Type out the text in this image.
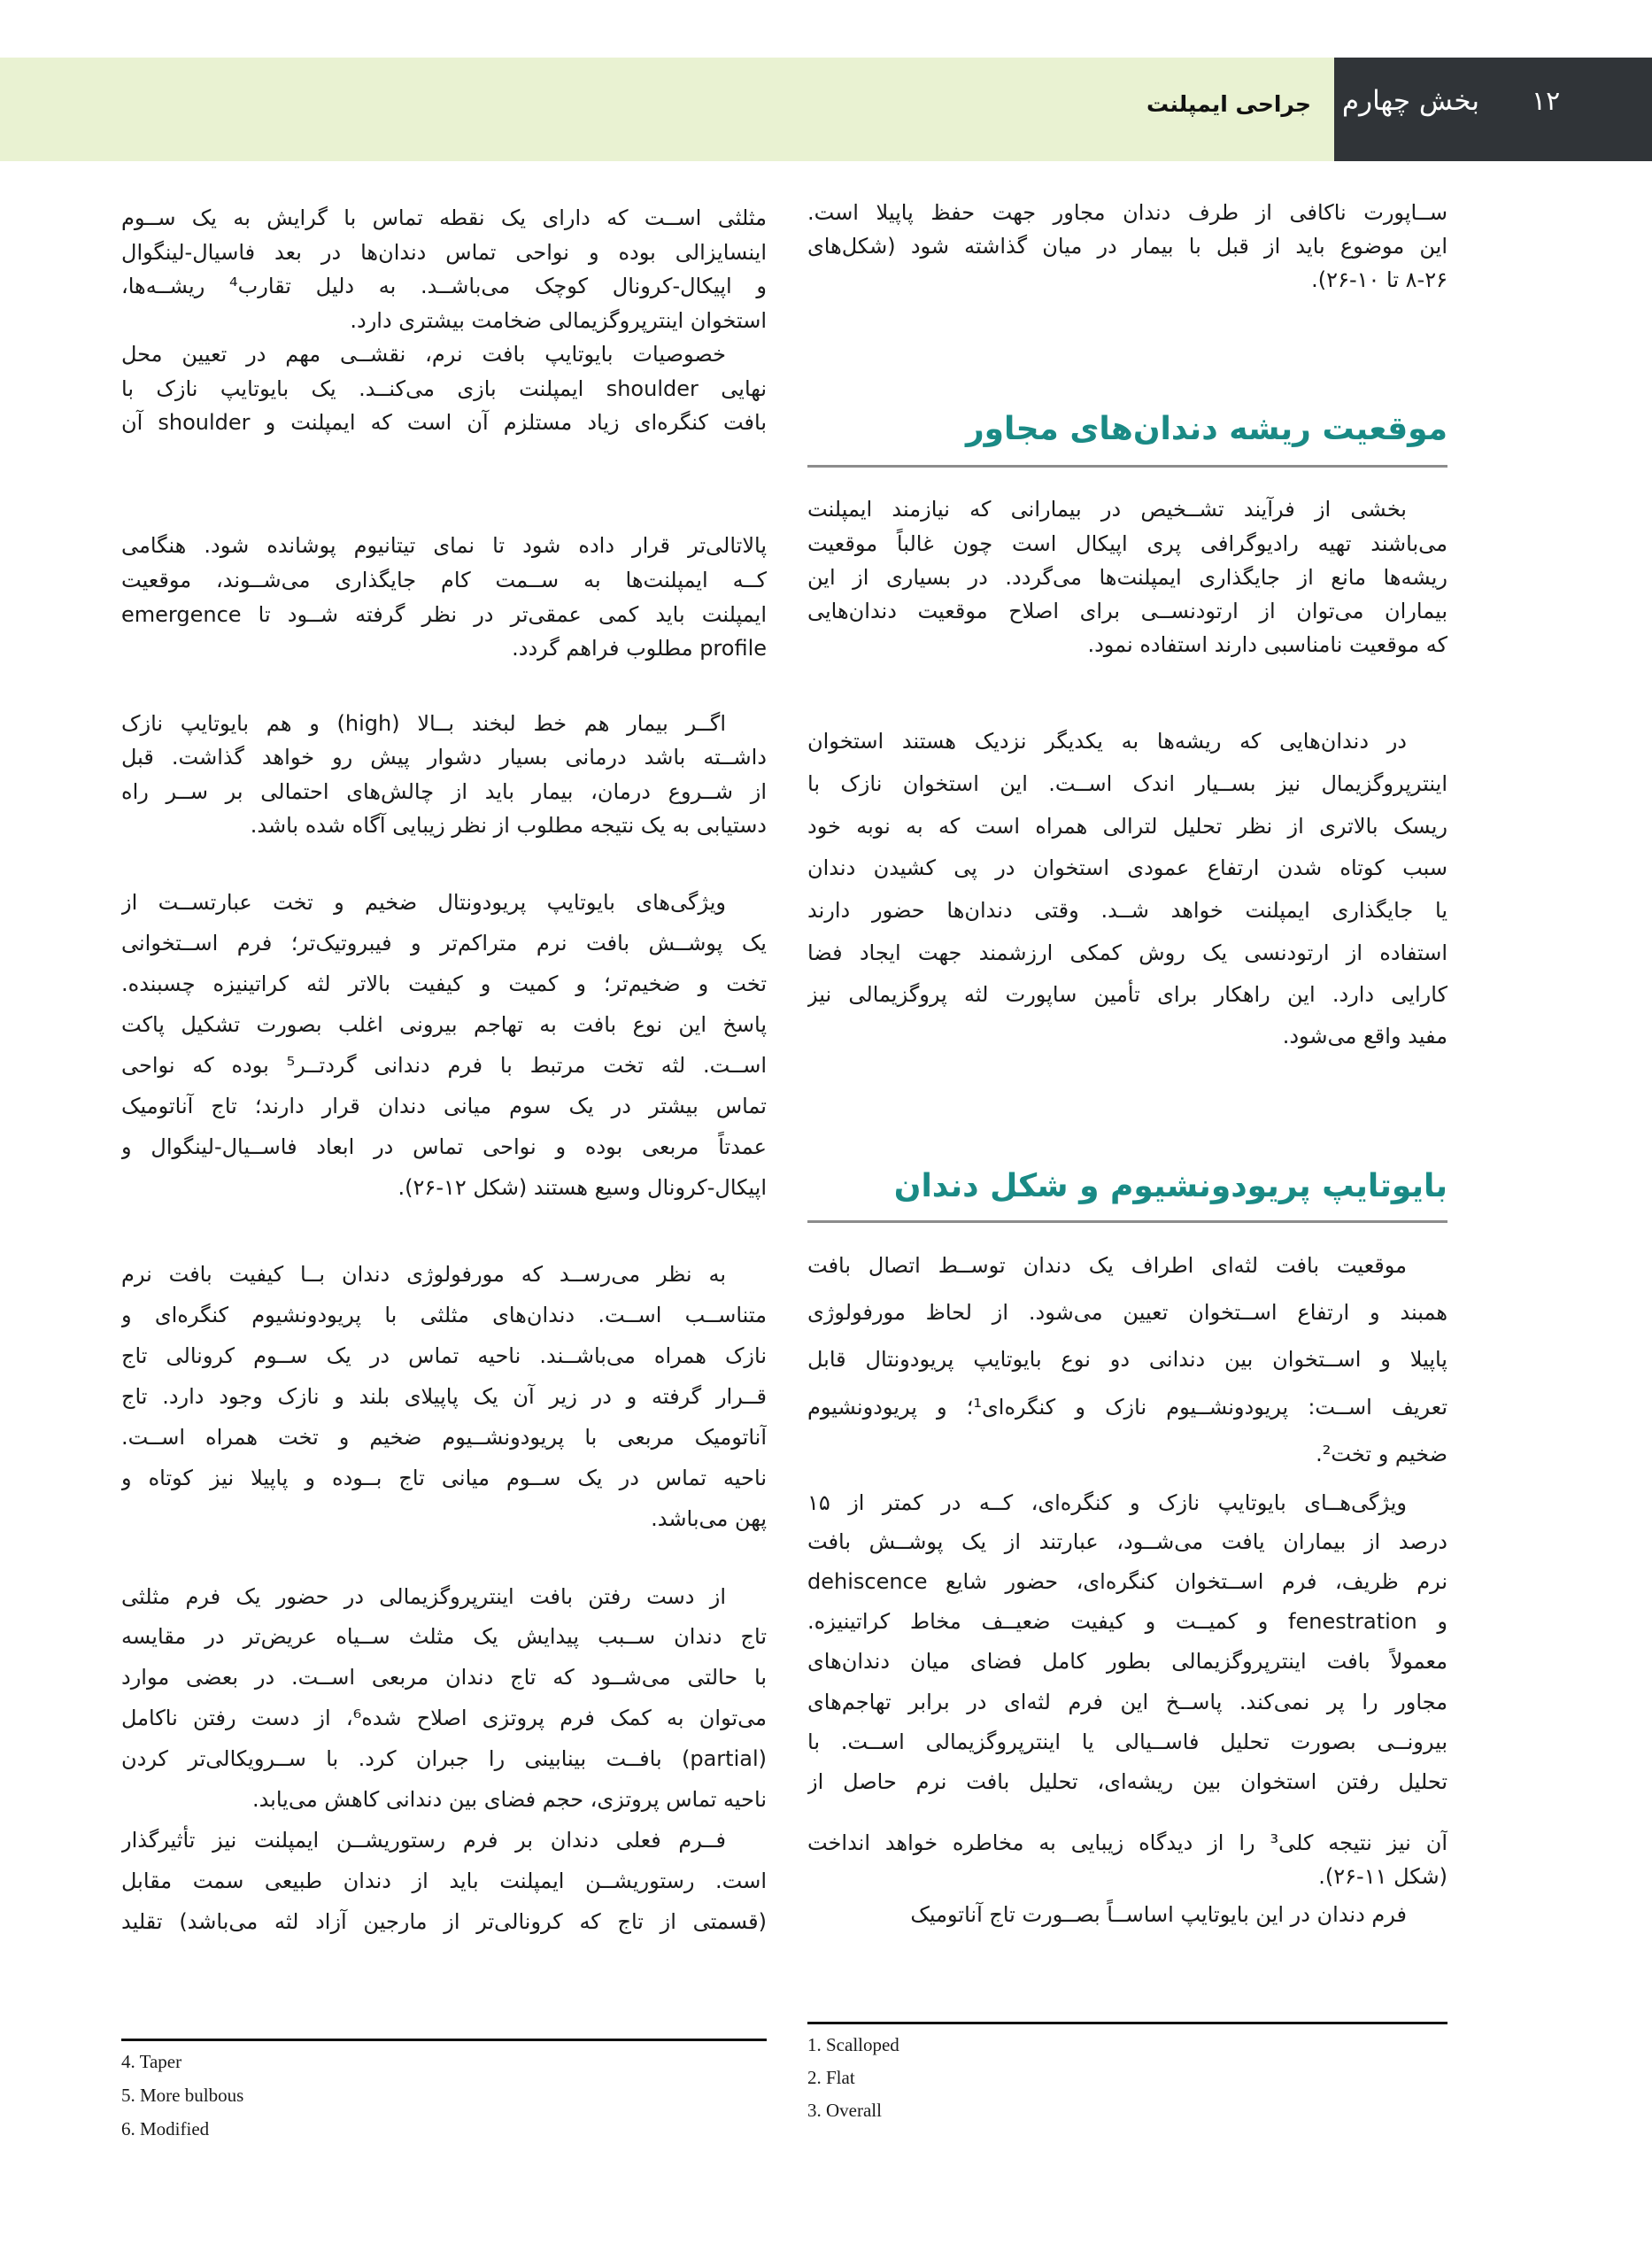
۱۲
بخش چهارم
جراحی ایمپلنت
ســاپورت ناکافی از طرف دندان مجاور جهت حفظ پاپیلا است.
این موضوع باید از قبل با بیمار در میان گذاشته شود (شکل‌های
۸-۲۶ تا ۱۰-۲۶).
موقعیت ریشه دندان‌های مجاور
بخشی از فرآیند تشــخیص در بیمارانی که نیازمند ایمپلنت
می‌باشند تهیه رادیوگرافی پری اپیکال است چون غالباً موقعیت
ریشه‌ها مانع از جایگذاری ایمپلنت‌ها می‌گردد. در بسیاری از این
بیماران می‌توان از ارتودنســی برای اصلاح موقعیت دندان‌هایی
که موقعیت نامناسبی دارند استفاده نمود.
در دندان‌هایی که ریشه‌ها به یکدیگر نزدیک هستند استخوان
اینترپروگزیمال نیز بســیار اندک اســت. این استخوان نازک با
ریسک بالاتری از نظر تحلیل لترالی همراه است که به نوبه خود
سبب کوتاه شدن ارتفاع عمودی استخوان در پی کشیدن دندان
یا جایگذاری ایمپلنت خواهد شــد. وقتی دندان‌ها حضور دارند
استفاده از ارتودنسی یک روش کمکی ارزشمند جهت ایجاد فضا
کارایی دارد. این راهکار برای تأمین ساپورت لثه پروگزیمالی نیز
مفید واقع می‌شود.
بایوتایپ پریودونشیوم و شکل دندان
موقعیت بافت لثه‌ای اطراف یک دندان توســط اتصال بافت
همبند و ارتفاع اســتخوان تعیین می‌شود. از لحاظ مورفولوژی
پاپیلا و اســتخوان بین دندانی دو نوع بایوتایپ پریودونتال قابل
تعریف اســت: پریودونشــیوم نازک و کنگره‌ای¹؛ و پریودونشیوم
ضخیم و تخت².
ویژگی‌هــای بایوتایپ نازک و کنگره‌ای، کــه در کمتر از ۱۵
درصد از بیماران یافت می‌شــود، عبارتند از یک پوشــش بافت
نرم ظریف، فرم اســتخوان کنگره‌ای، حضور شایع dehiscence
و fenestration و کمیــت و کیفیت ضعیــف مخاط کراتینیزه.
معمولاً بافت اینترپروگزیمالی بطور کامل فضای میان دندان‌های
مجاور را پر نمی‌کند. پاســخ این فرم لثه‌ای در برابر تهاجم‌های
بیرونــی بصورت تحلیل فاســیالی یا اینترپروگزیمالی اســت. با
تحلیل رفتن استخوان بین ریشه‌ای، تحلیل بافت نرم حاصل از
آن نیز نتیجه کلی³ را از دیدگاه زیبایی به مخاطره خواهد انداخت
(شکل ۱۱-۲۶).
فرم دندان در این بایوتایپ اساســاً بصــورت تاج آناتومیک
1. Scalloped
2. Flat
3. Overall
مثلثی اســت که دارای یک نقطه تماس با گرایش به یک ســوم
اینسایزالی بوده و نواحی تماس دندان‌ها در بعد فاسیال-لینگوال
و اپیکال-کرونال کوچک می‌باشــد. به دلیل تقارب⁴ ریشــه‌ها،
استخوان اینترپروگزیمالی ضخامت بیشتری دارد.
خصوصیات بایوتایپ بافت نرم، نقشــی مهم در تعیین محل
نهایی shoulder ایمپلنت بازی می‌کنــد. یک بایوتایپ نازک با
بافت کنگره‌ای زیاد مستلزم آن است که ایمپلنت و shoulder آن
پالاتالی‌تر قرار داده شود تا نمای تیتانیوم پوشانده شود. هنگامی
کــه ایمپلنت‌ها به ســمت کام جایگذاری می‌شــوند، موقعیت
ایمپلنت باید کمی عمقی‌تر در نظر گرفته شــود تا emergence
profile مطلوب فراهم گردد.
اگــر بیمار هم خط لبخند بــالا (high) و هم بایوتایپ نازک
داشــته باشد درمانی بسیار دشوار پیش رو خواهد گذاشت. قبل
از شــروع درمان، بیمار باید از چالش‌های احتمالی بر ســر راه
دستیابی به یک نتیجه مطلوب از نظر زیبایی آگاه شده باشد.
ویژگی‌های بایوتایپ پریودونتال ضخیم و تخت عبارتســت از
یک پوشــش بافت نرم متراکم‌تر و فیبروتیک‌تر؛ فرم اســتخوانی
تخت و ضخیم‌تر؛ و کمیت و کیفیت بالاتر لثه کراتینیزه چسبنده.
پاسخ این نوع بافت به تهاجم بیرونی اغلب بصورت تشکیل پاکت
اســت. لثه تخت مرتبط با فرم دندانی گردتــر⁵ بوده که نواحی
تماس بیشتر در یک سوم میانی دندان قرار دارند؛ تاج آناتومیک
عمدتاً مربعی بوده و نواحی تماس در ابعاد فاســیال-لینگوال و
اپیکال-کرونال وسیع هستند (شکل ۱۲-۲۶).
به نظر می‌رســد که مورفولوژی دندان بــا کیفیت بافت نرم
متناســب اســت. دندان‌های مثلثی با پریودونشیوم کنگره‌ای و
نازک همراه می‌باشــند. ناحیه تماس در یک ســوم کرونالی تاج
قــرار گرفته و در زیر آن یک پاپیلای بلند و نازک وجود دارد. تاج
آناتومیک مربعی با پریودونشــیوم ضخیم و تخت همراه اســت.
ناحیه تماس در یک ســوم میانی تاج بــوده و پاپیلا نیز کوتاه و
پهن می‌باشد.
از دست رفتن بافت اینترپروگزیمالی در حضور یک فرم مثلثی
تاج دندان ســبب پیدایش یک مثلث ســیاه عریض‌تر در مقایسه
با حالتی می‌شــود که تاج دندان مربعی اســت. در بعضی موارد
می‌توان به کمک فرم پروتزی اصلاح شده⁶، از دست رفتن ناکامل
(partial) بافــت بینابینی را جبران کرد. با ســرویکالی‌تر کردن
ناحیه تماس پروتزی، حجم فضای بین دندانی کاهش می‌یابد.
فــرم فعلی دندان بر فرم رستوریشــن ایمپلنت نیز تأثیرگذار
است. رستوریشــن ایمپلنت باید از دندان طبیعی سمت مقابل
(قسمتی از تاج که کرونالی‌تر از مارجین آزاد لثه می‌باشد) تقلید
4. Taper
5. More bulbous
6. Modified
